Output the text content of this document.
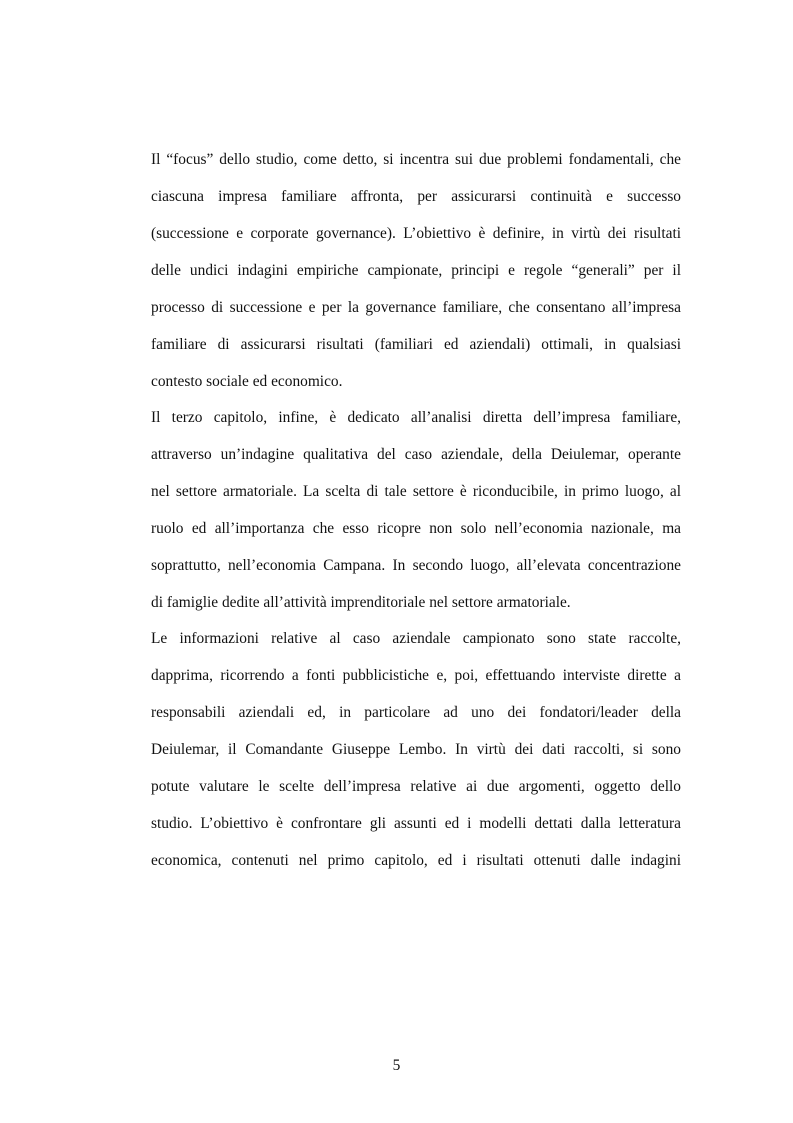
Il “focus” dello studio, come detto, si incentra sui due problemi fondamentali, che
ciascuna impresa familiare affronta, per assicurarsi continuità e successo
(successione e corporate governance). L’obiettivo è definire, in virtù dei risultati
delle undici indagini empiriche campionate, principi e regole “generali” per il
processo di successione e per la governance familiare, che consentano all’impresa
familiare di assicurarsi risultati (familiari ed aziendali) ottimali, in qualsiasi
contesto sociale ed economico.
Il terzo capitolo, infine, è dedicato all’analisi diretta dell’impresa familiare,
attraverso un’indagine qualitativa del caso aziendale, della Deiulemar, operante
nel settore armatoriale. La scelta di tale settore è riconducibile, in primo luogo, al
ruolo ed all’importanza che esso ricopre non solo nell’economia nazionale, ma
soprattutto, nell’economia Campana. In secondo luogo, all’elevata concentrazione
di famiglie dedite all’attività imprenditoriale nel settore armatoriale.
Le informazioni relative al caso aziendale campionato sono state raccolte,
dapprima, ricorrendo a fonti pubblicistiche e, poi, effettuando interviste dirette a
responsabili aziendali ed, in particolare ad uno dei fondatori/leader della
Deiulemar, il Comandante Giuseppe Lembo. In virtù dei dati raccolti, si sono
potute valutare le scelte dell’impresa relative ai due argomenti, oggetto dello
studio. L’obiettivo è confrontare gli assunti ed i modelli dettati dalla letteratura
economica, contenuti nel primo capitolo, ed i risultati ottenuti dalle indagini
5
